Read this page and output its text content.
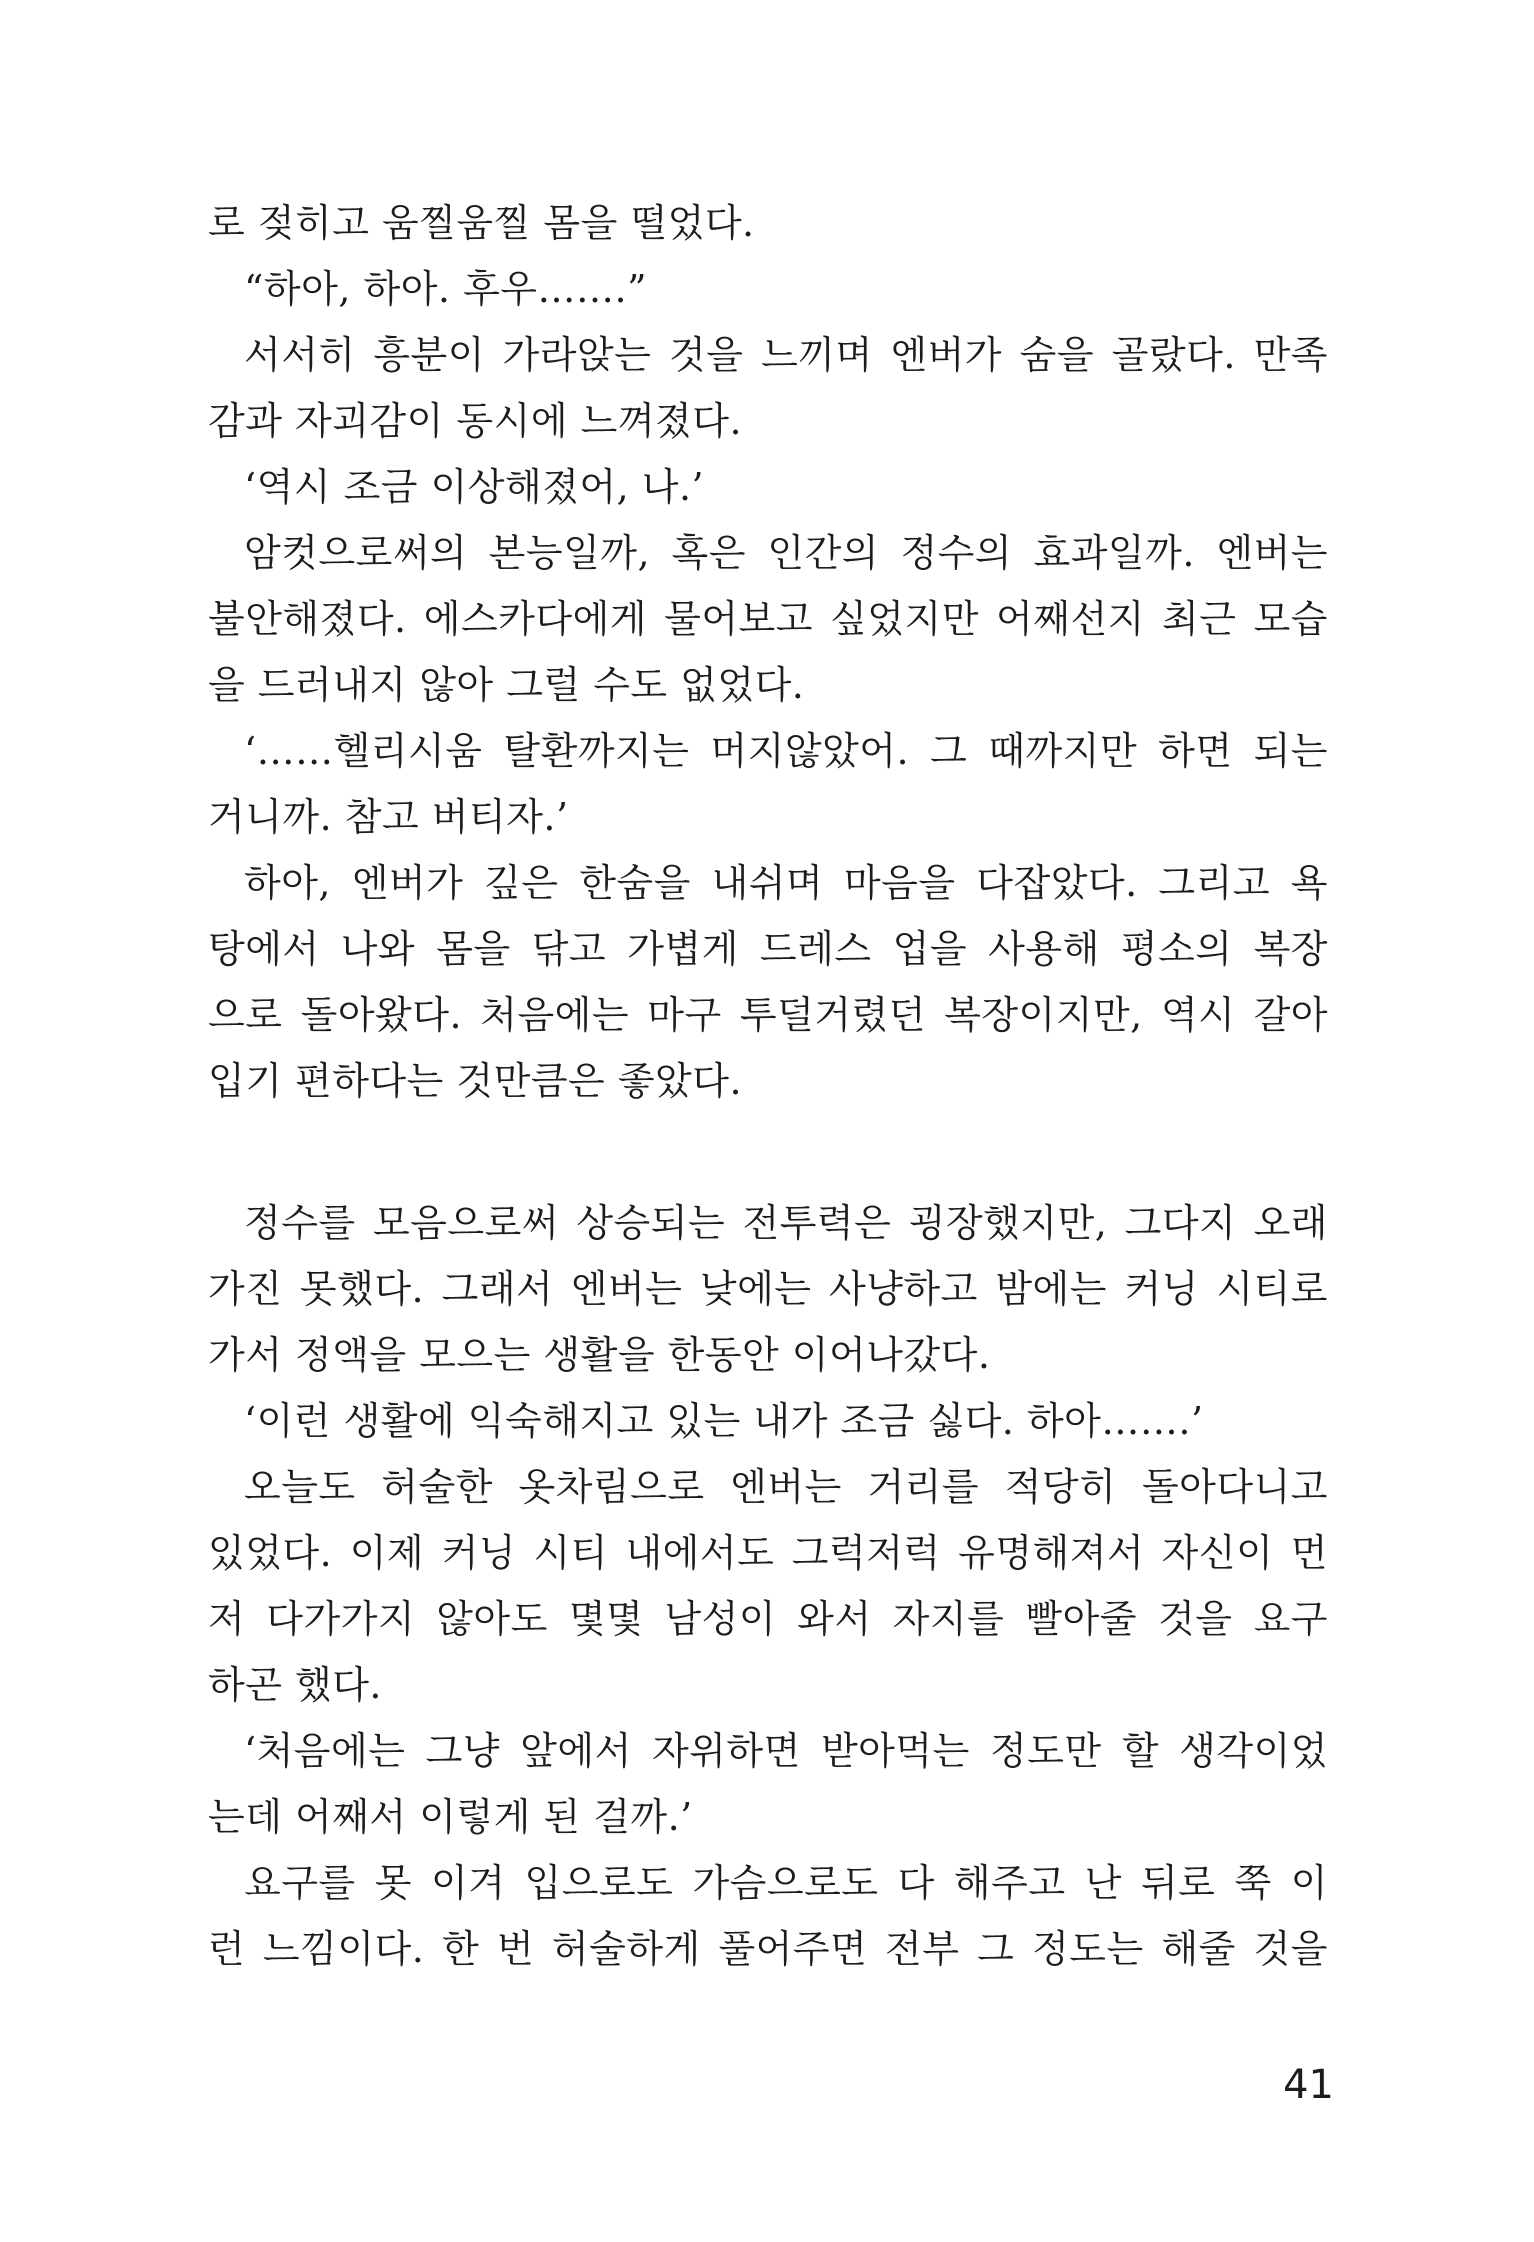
로 젖히고 움찔움찔 몸을 떨었다.
“하아, 하아. 후우…….”
서서히 흥분이 가라앉는 것을 느끼며 엔버가 숨을 골랐다. 만족
감과 자괴감이 동시에 느껴졌다.
‘역시 조금 이상해졌어, 나.’
암컷으로써의 본능일까, 혹은 인간의 정수의 효과일까. 엔버는
불안해졌다. 에스카다에게 물어보고 싶었지만 어째선지 최근 모습
을 드러내지 않아 그럴 수도 없었다.
‘……헬리시움 탈환까지는 머지않았어. 그 때까지만 하면 되는
거니까. 참고 버티자.’
하아, 엔버가 깊은 한숨을 내쉬며 마음을 다잡았다. 그리고 욕
탕에서 나와 몸을 닦고 가볍게 드레스 업을 사용해 평소의 복장
으로 돌아왔다. 처음에는 마구 투덜거렸던 복장이지만, 역시 갈아
입기 편하다는 것만큼은 좋았다.
정수를 모음으로써 상승되는 전투력은 굉장했지만, 그다지 오래
가진 못했다. 그래서 엔버는 낮에는 사냥하고 밤에는 커닝 시티로
가서 정액을 모으는 생활을 한동안 이어나갔다.
‘이런 생활에 익숙해지고 있는 내가 조금 싫다. 하아…….’
오늘도 허술한 옷차림으로 엔버는 거리를 적당히 돌아다니고
있었다. 이제 커닝 시티 내에서도 그럭저럭 유명해져서 자신이 먼
저 다가가지 않아도 몇몇 남성이 와서 자지를 빨아줄 것을 요구
하곤 했다.
‘처음에는 그냥 앞에서 자위하면 받아먹는 정도만 할 생각이었
는데 어째서 이렇게 된 걸까.’
요구를 못 이겨 입으로도 가슴으로도 다 해주고 난 뒤로 쭉 이
런 느낌이다. 한 번 허술하게 풀어주면 전부 그 정도는 해줄 것을
41
